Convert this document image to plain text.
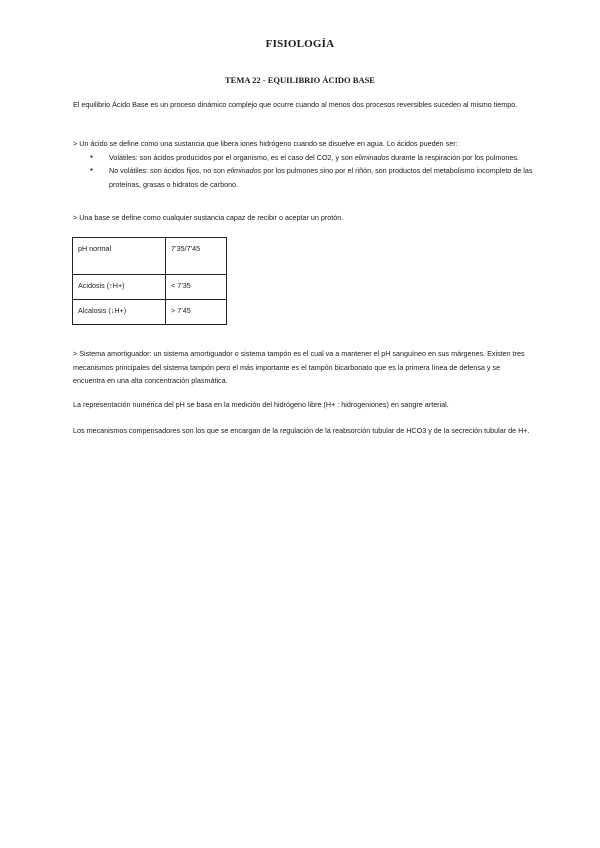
FISIOLOGÍA
TEMA 22 - EQUILIBRIO ÁCIDO BASE

El equilibrio Ácido Base es un proceso dinámico complejo que ocurre cuando al menos dos procesos reversibles suceden al mismo tiempo.

> Un ácido se define como una sustancia que libera iones hidrógeno cuando se disuelve en agua. Lo ácidos pueden ser:

● Volátiles: son ácidos producidos por el organismo, es el caso del CO2, y son eliminados durante la respiración por los pulmones.
● No volátiles: son ácidos fijos, no son eliminados por los pulmones sino por el riñón, son productos del metabolismo incompleto de las proteínas, grasas o hidratos de carbono.

> Una base se define como cualquier sustancia capaz de recibir o aceptar un protón.

pH normal	7’35/7’45
Acidosis (↑H+)	< 7’35
Alcalosis (↓H+)	> 7’45

> Sistema amortiguador: un sistema amortiguador o sistema tampón es el cual va a mantener el pH sanguíneo en sus márgenes. Existen tres mecanismos principales del sistema tampón pero el más importante es el tampón bicarbonato que es la primera línea de defensa y se encuentra en una alta concentración plasmática.

La representación numérica del pH se basa en la medición del hidrógeno libre (H+ : hidrogeniones) en sangre arterial.

Los mecanismos compensadores son los que se encargan de la regulación de la reabsorción tubular de HCO3 y de la secreción tubular de H+.
